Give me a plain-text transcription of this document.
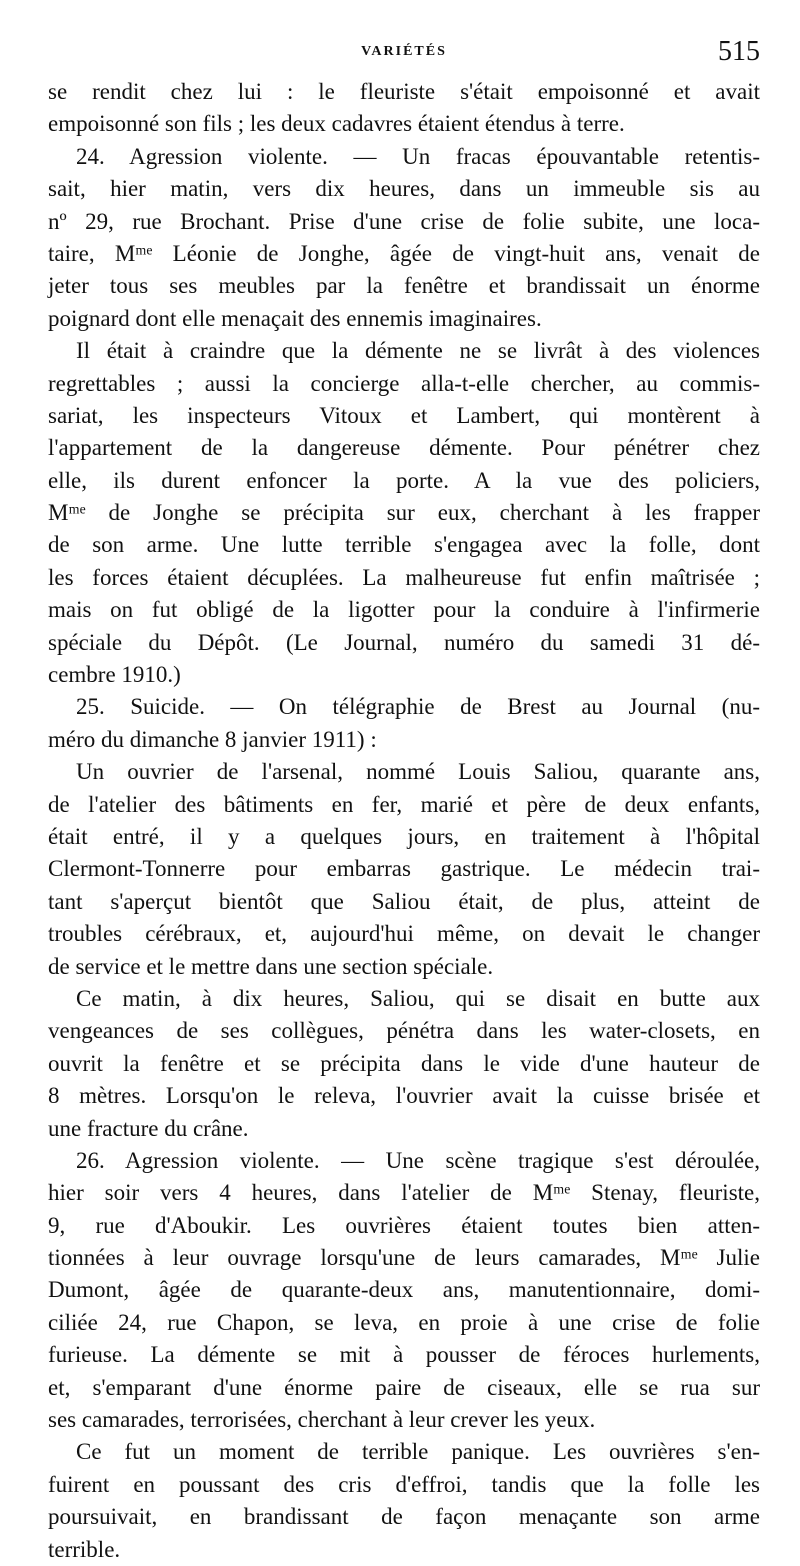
VARIÉTÉS	515
se rendit chez lui : le fleuriste s'était empoisonné et avait
empoisonné son fils ; les deux cadavres étaient étendus à terre.
24. Agression violente. — Un fracas épouvantable retentis-
sait, hier matin, vers dix heures, dans un immeuble sis au
nº 29, rue Brochant. Prise d'une crise de folie subite, une loca-
taire, Mᵐᵉ Léonie de Jonghe, âgée de vingt-huit ans, venait de
jeter tous ses meubles par la fenêtre et brandissait un énorme
poignard dont elle menaçait des ennemis imaginaires.
Il était à craindre que la démente ne se livrât à des violences
regrettables ; aussi la concierge alla-t-elle chercher, au commis-
sariat, les inspecteurs Vitoux et Lambert, qui montèrent à
l'appartement de la dangereuse démente. Pour pénétrer chez
elle, ils durent enfoncer la porte. A la vue des policiers,
Mᵐᵉ de Jonghe se précipita sur eux, cherchant à les frapper
de son arme. Une lutte terrible s'engagea avec la folle, dont
les forces étaient décuplées. La malheureuse fut enfin maîtrisée ;
mais on fut obligé de la ligotter pour la conduire à l'infirmerie
spéciale du Dépôt. (Le Journal, numéro du samedi 31 dé-
cembre 1910.)
25. Suicide. — On télégraphie de Brest au Journal (nu-
méro du dimanche 8 janvier 1911) :
Un ouvrier de l'arsenal, nommé Louis Saliou, quarante ans,
de l'atelier des bâtiments en fer, marié et père de deux enfants,
était entré, il y a quelques jours, en traitement à l'hôpital
Clermont-Tonnerre pour embarras gastrique. Le médecin trai-
tant s'aperçut bientôt que Saliou était, de plus, atteint de
troubles cérébraux, et, aujourd'hui même, on devait le changer
de service et le mettre dans une section spéciale.
Ce matin, à dix heures, Saliou, qui se disait en butte aux
vengeances de ses collègues, pénétra dans les water-closets, en
ouvrit la fenêtre et se précipita dans le vide d'une hauteur de
8 mètres. Lorsqu'on le releva, l'ouvrier avait la cuisse brisée et
une fracture du crâne.
26. Agression violente. — Une scène tragique s'est déroulée,
hier soir vers 4 heures, dans l'atelier de Mᵐᵉ Stenay, fleuriste,
9, rue d'Aboukir. Les ouvrières étaient toutes bien atten-
tionnées à leur ouvrage lorsqu'une de leurs camarades, Mᵐᵉ Julie
Dumont, âgée de quarante-deux ans, manutentionnaire, domi-
ciliée 24, rue Chapon, se leva, en proie à une crise de folie
furieuse. La démente se mit à pousser de féroces hurlements,
et, s'emparant d'une énorme paire de ciseaux, elle se rua sur
ses camarades, terrorisées, cherchant à leur crever les yeux.
Ce fut un moment de terrible panique. Les ouvrières s'en-
fuirent en poussant des cris d'effroi, tandis que la folle les
poursuivait, en brandissant de façon menaçante son arme
terrible.
